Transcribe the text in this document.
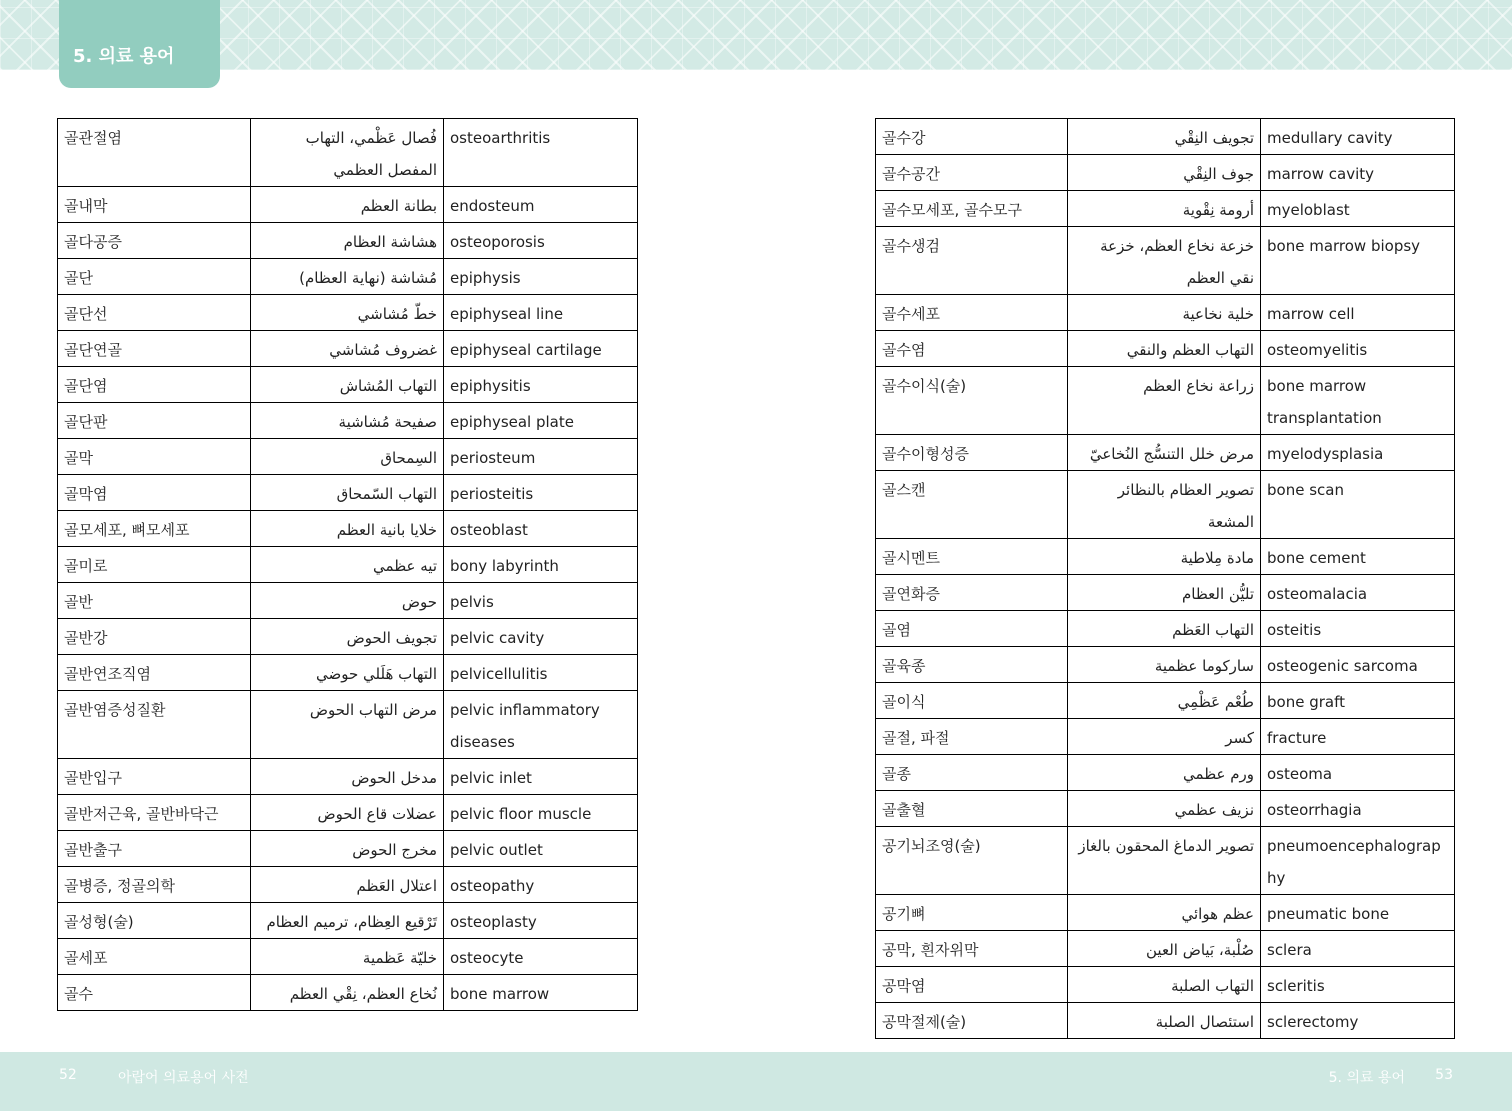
5. 의료 용어
골관절염	فُصال عَظْمي، التهاب المفصل العظمي	osteoarthritis
골내막	بطانة العظم	endosteum
골다공증	هشاشة العظام	osteoporosis
골단	مُشاشة (نهاية العظام)	epiphysis
골단선	خطّ مُشاشي	epiphyseal line
골단연골	غضروف مُشاشي	epiphyseal cartilage
골단염	التهاب المُشاش	epiphysitis
골단판	صفيحة مُشاشية	epiphyseal plate
골막	السِمحاق	periosteum
골막염	التهاب السّمحاق	periosteitis
골모세포, 뼈모세포	خلايا بانية العظم	osteoblast
골미로	تيه عظمي	bony labyrinth
골반	حوض	pelvis
골반강	تجويف الحوض	pelvic cavity
골반연조직염	التهاب هَلَلي حوضي	pelvicellulitis
골반염증성질환	مرض التهاب الحوض	pelvic inflammatory diseases
골반입구	مدخل الحوض	pelvic inlet
골반저근육, 골반바닥근	عضلات قاع الحوض	pelvic floor muscle
골반출구	مخرج الحوض	pelvic outlet
골병증, 정골의학	اعتلال العَظم	osteopathy
골성형(술)	تَرْقيع العِظام، ترميم العظام	osteoplasty
골세포	خليّة عَظمية	osteocyte
골수	نُخاع العظم، نِقْي العظم	bone marrow
골수강	تجويف النِقْي	medullary cavity
골수공간	جوف النِقْي	marrow cavity
골수모세포, 골수모구	أرومة نِقْوية	myeloblast
골수생검	خزعة نخاع العظم، خزعة نقي العظم	bone marrow biopsy
골수세포	خلية نخاعية	marrow cell
골수염	التهاب العظم والنقي	osteomyelitis
골수이식(술)	زراعة نخاع العظم	bone marrow transplantation
골수이형성증	مرض خلل التنسُّج النُخاعيّ	myelodysplasia
골스캔	تصوير العظام بالنظائر المشعة	bone scan
골시멘트	مادة مِلاطية	bone cement
골연화증	تليُّن العظام	osteomalacia
골염	التهاب العَظم	osteitis
골육종	ساركوما عظمية	osteogenic sarcoma
골이식	طُعْم عَظْمِي	bone graft
골절, 파절	كسر	fracture
골종	ورم عظمي	osteoma
골출혈	نزيف عظمي	osteorrhagia
공기뇌조영(술)	تصوير الدماغ المحقون بالغاز	pneumoencephalography
공기뼈	عظم هوائي	pneumatic bone
공막, 흰자위막	صُلْبة، بَياض العين	sclera
공막염	التهاب الصلبة	scleritis
공막절제(술)	استئصال الصلبة	sclerectomy
52	아랍어 의료용어 사전	5. 의료 용어 53
